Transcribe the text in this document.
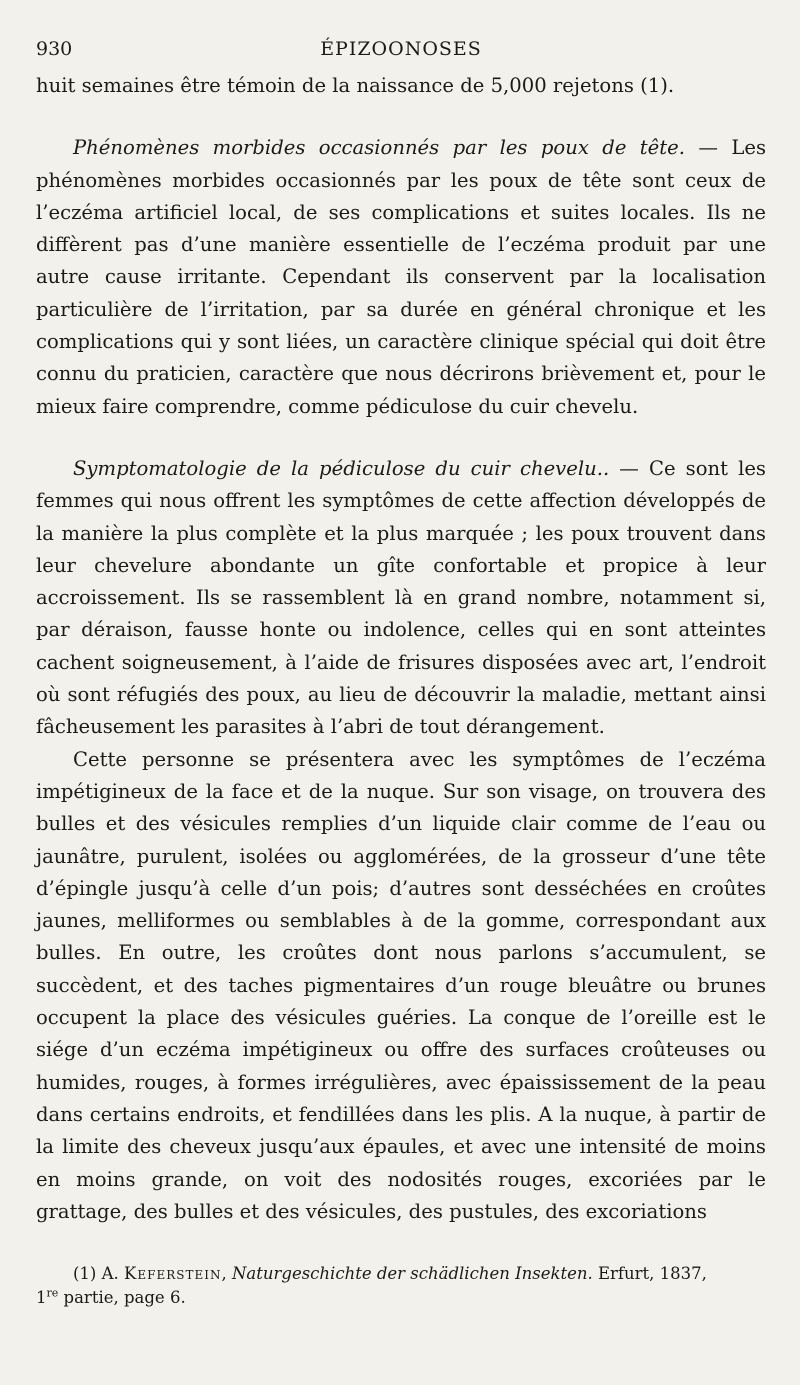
930	ÉPIZOONOSES

huit semaines être témoin de la naissance de 5,000 rejetons (1).

Phénomènes morbides occasionnés par les poux de tête. — Les phénomènes morbides occasionnés par les poux de tête sont ceux de l’eczéma artificiel local, de ses complications et suites locales. Ils ne diffèrent pas d’une manière essentielle de l’eczéma produit par une autre cause irritante. Cependant ils conservent par la localisation particulière de l’irritation, par sa durée en général chronique et les complications qui y sont liées, un caractère clinique spécial qui doit être connu du praticien, caractère que nous décrirons brièvement et, pour le mieux faire comprendre, comme pédiculose du cuir chevelu.

Symptomatologie de la pédiculose du cuir chevelu.. — Ce sont les femmes qui nous offrent les symptômes de cette affection développés de la manière la plus complète et la plus marquée ; les poux trouvent dans leur chevelure abondante un gîte confortable et propice à leur accroissement. Ils se rassemblent là en grand nombre, notamment si, par déraison, fausse honte ou indolence, celles qui en sont atteintes cachent soigneusement, à l’aide de frisures disposées avec art, l’endroit où sont réfugiés des poux, au lieu de découvrir la maladie, mettant ainsi fâcheusement les parasites à l’abri de tout dérangement.

Cette personne se présentera avec les symptômes de l’eczéma impétigineux de la face et de la nuque. Sur son visage, on trouvera des bulles et des vésicules remplies d’un liquide clair comme de l’eau ou jaunâtre, purulent, isolées ou agglomérées, de la grosseur d’une tête d’épingle jusqu’à celle d’un pois; d’autres sont desséchées en croûtes jaunes, melliformes ou semblables à de la gomme, correspondant aux bulles. En outre, les croûtes dont nous parlons s’accumulent, se succèdent, et des taches pigmentaires d’un rouge bleuâtre ou brunes occupent la place des vésicules guéries. La conque de l’oreille est le siége d’un eczéma impétigineux ou offre des surfaces croûteuses ou humides, rouges, à formes irrégulières, avec épaississement de la peau dans certains endroits, et fendillées dans les plis. A la nuque, à partir de la limite des cheveux jusqu’aux épaules, et avec une intensité de moins en moins grande, on voit des nodosités rouges, excoriées par le grattage, des bulles et des vésicules, des pustules, des excoriations

(1) A. Keferstein, Naturgeschichte der schädlichen Insekten. Erfurt, 1837,
1re partie, page 6.
